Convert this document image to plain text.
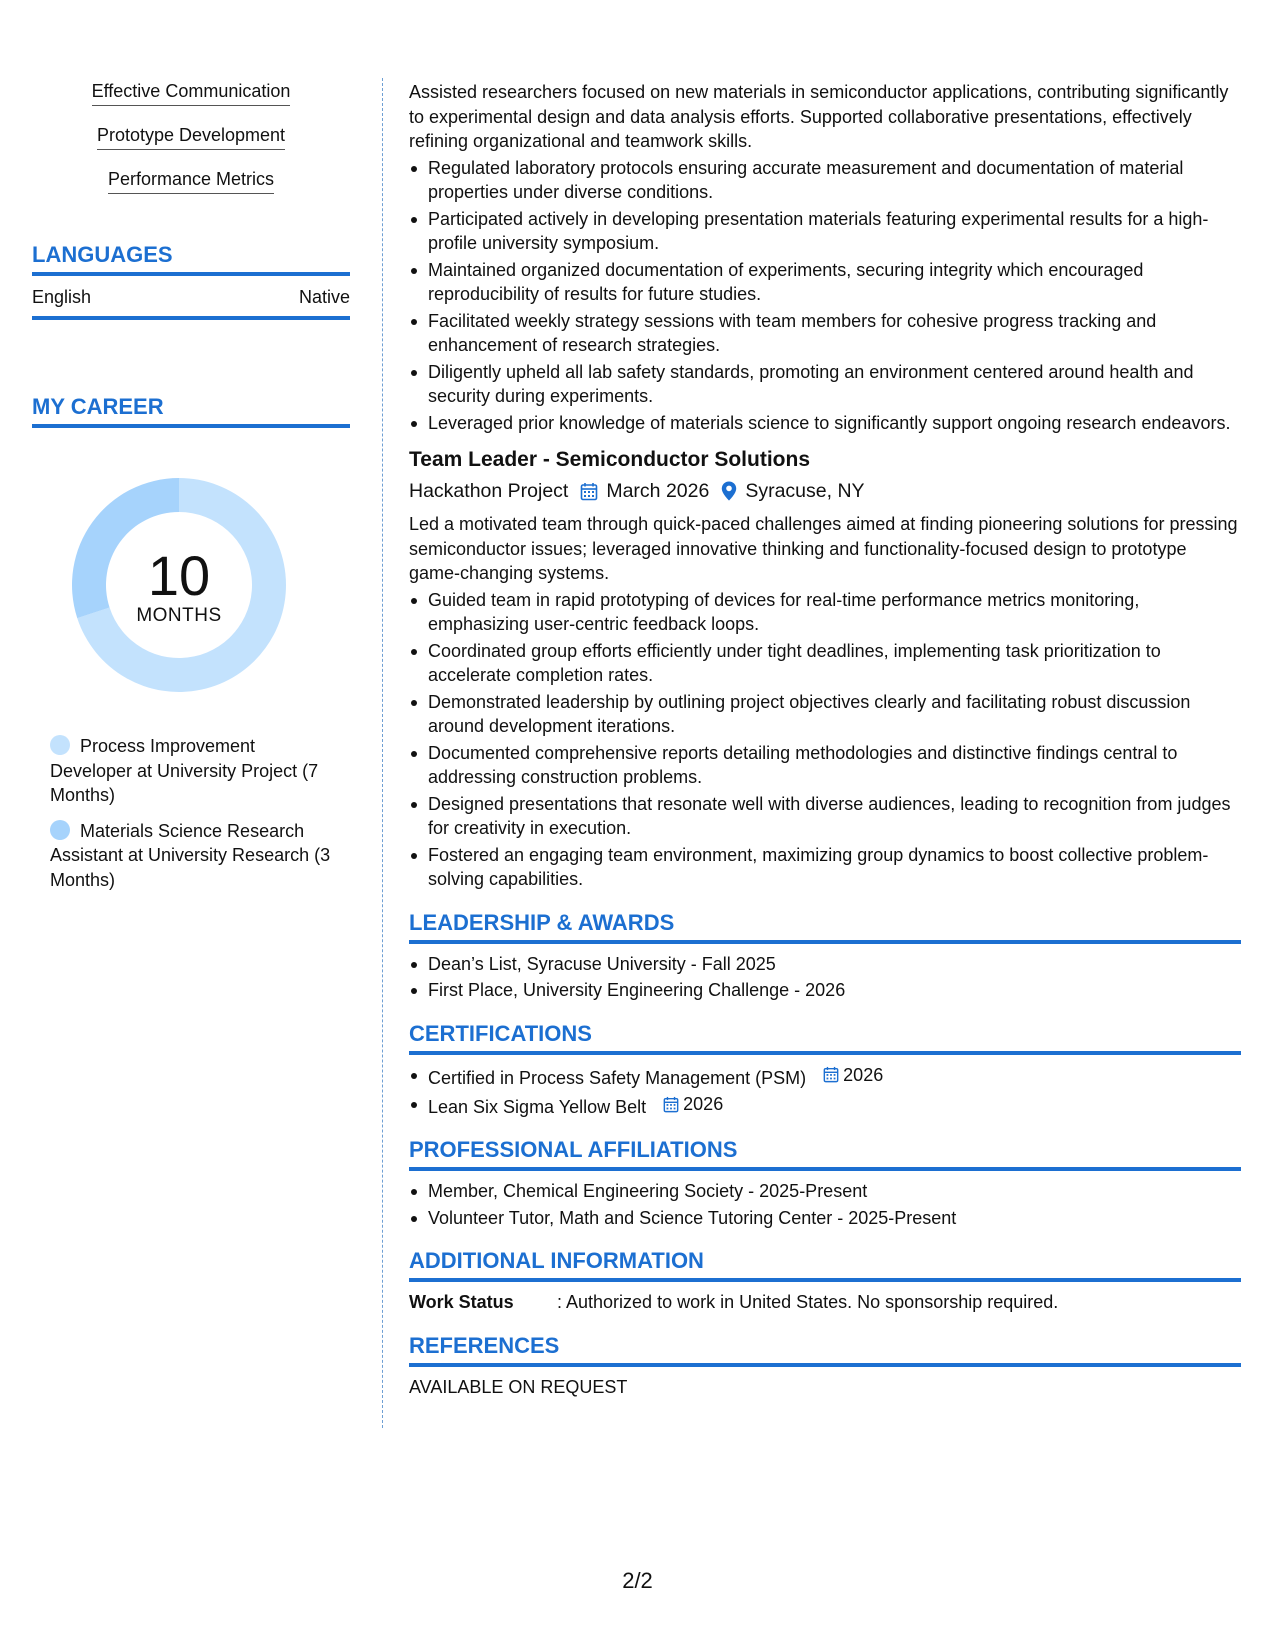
Effective Communication
Prototype Development
Performance Metrics
LANGUAGES
English	Native
MY CAREER
10
MONTHS
Process Improvement Developer at University Project (7 Months)
Materials Science Research Assistant at University Research (3 Months)
Assisted researchers focused on new materials in semiconductor applications, contributing significantly to experimental design and data analysis efforts. Supported collaborative presentations, effectively refining organizational and teamwork skills.
Regulated laboratory protocols ensuring accurate measurement and documentation of material properties under diverse conditions.
Participated actively in developing presentation materials featuring experimental results for a high-profile university symposium.
Maintained organized documentation of experiments, securing integrity which encouraged reproducibility of results for future studies.
Facilitated weekly strategy sessions with team members for cohesive progress tracking and enhancement of research strategies.
Diligently upheld all lab safety standards, promoting an environment centered around health and security during experiments.
Leveraged prior knowledge of materials science to significantly support ongoing research endeavors.
Team Leader - Semiconductor Solutions
Hackathon Project March 2026 Syracuse, NY
Led a motivated team through quick-paced challenges aimed at finding pioneering solutions for pressing semiconductor issues; leveraged innovative thinking and functionality-focused design to prototype game-changing systems.
Guided team in rapid prototyping of devices for real-time performance metrics monitoring, emphasizing user-centric feedback loops.
Coordinated group efforts efficiently under tight deadlines, implementing task prioritization to accelerate completion rates.
Demonstrated leadership by outlining project objectives clearly and facilitating robust discussion around development iterations.
Documented comprehensive reports detailing methodologies and distinctive findings central to addressing construction problems.
Designed presentations that resonate well with diverse audiences, leading to recognition from judges for creativity in execution.
Fostered an engaging team environment, maximizing group dynamics to boost collective problem-solving capabilities.
LEADERSHIP & AWARDS
Dean’s List, Syracuse University - Fall 2025
First Place, University Engineering Challenge - 2026
CERTIFICATIONS
Certified in Process Safety Management (PSM) 2026
Lean Six Sigma Yellow Belt 2026
PROFESSIONAL AFFILIATIONS
Member, Chemical Engineering Society - 2025-Present
Volunteer Tutor, Math and Science Tutoring Center - 2025-Present
ADDITIONAL INFORMATION
Work Status	: Authorized to work in United States. No sponsorship required.
REFERENCES
AVAILABLE ON REQUEST
2/2
